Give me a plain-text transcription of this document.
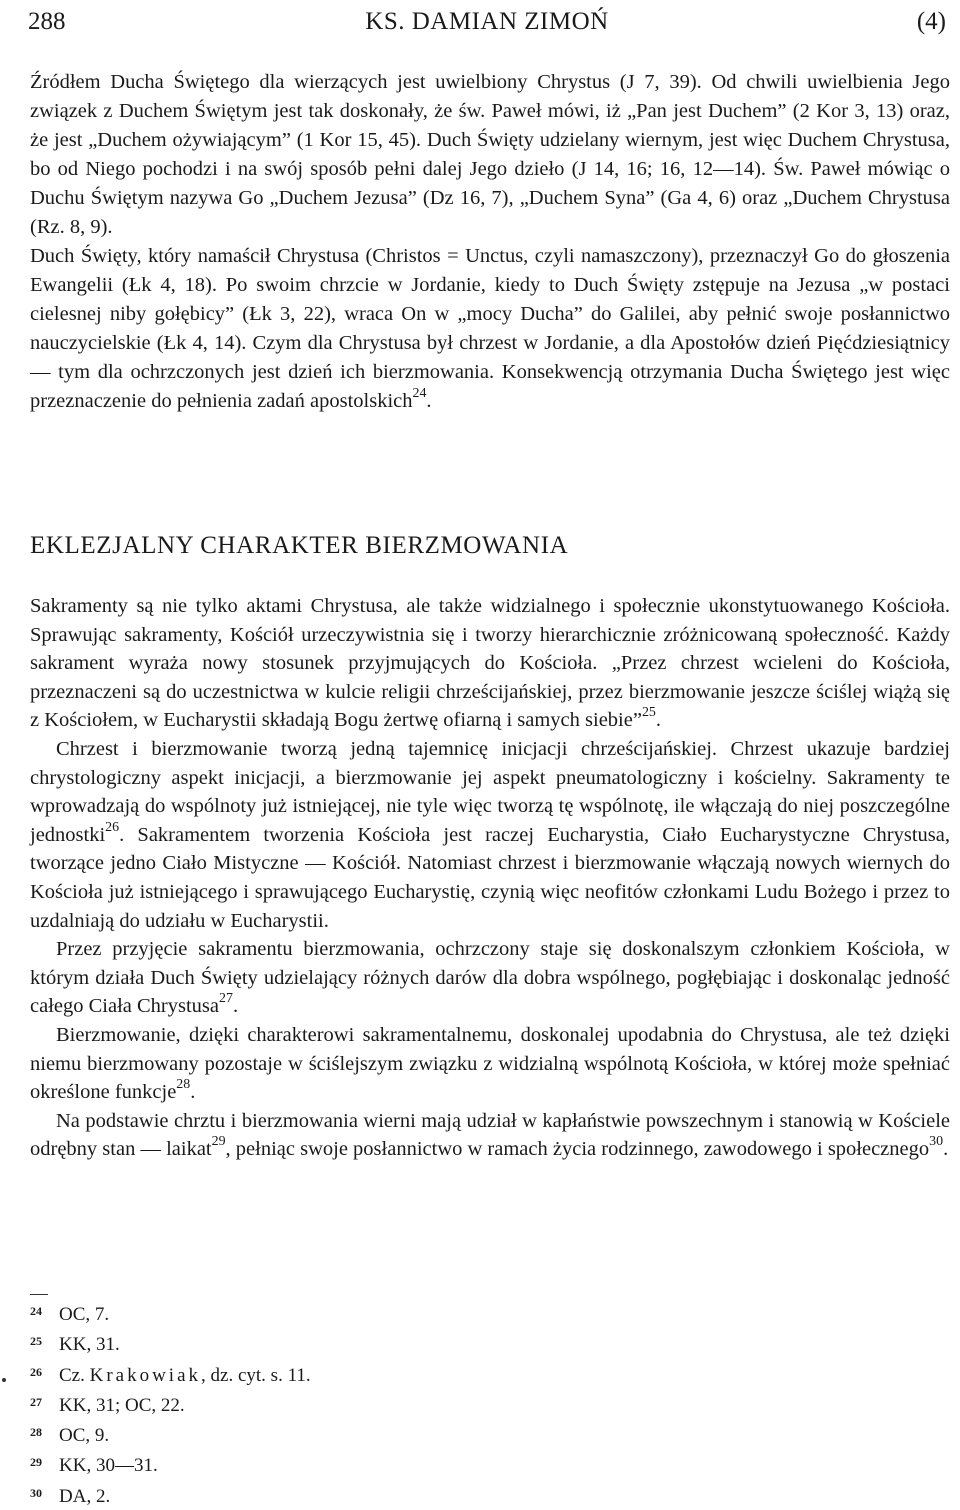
288	KS. DAMIAN ZIMOŃ	(4)

Źródłem Ducha Świętego dla wierzących jest uwielbiony Chrystus (J 7, 39). Od chwili uwielbienia Jego związek z Duchem Świętym jest tak doskonały, że św. Paweł mówi, iż „Pan jest Duchem” (2 Kor 3, 13) oraz, że jest „Duchem ożywiającym” (1 Kor 15, 45). Duch Święty udzielany wiernym, jest więc Duchem Chrystusa, bo od Niego pochodzi i na swój sposób pełni dalej Jego dzieło (J 14, 16; 16, 12—14). Św. Paweł mówiąc o Duchu Świętym nazywa Go „Duchem Jezusa” (Dz 16, 7), „Duchem Syna” (Ga 4, 6) oraz „Duchem Chrystusa (Rz. 8, 9).

Duch Święty, który namaścił Chrystusa (Christos = Unctus, czyli namaszczony), przeznaczył Go do głoszenia Ewangelii (Łk 4, 18). Po swoim chrzcie w Jordanie, kiedy to Duch Święty zstępuje na Jezusa „w postaci cielesnej niby gołębicy” (Łk 3, 22), wraca On w „mocy Ducha” do Galilei, aby pełnić swoje posłannictwo nauczycielskie (Łk 4, 14). Czym dla Chrystusa był chrzest w Jordanie, a dla Apostołów dzień Pięćdziesiątnicy — tym dla ochrzczonych jest dzień ich bierzmowania. Konsekwencją otrzymania Ducha Świętego jest więc przeznaczenie do pełnienia zadań apostolskich$^{24}$.

EKLEZJALNY CHARAKTER BIERZMOWANIA

Sakramenty są nie tylko aktami Chrystusa, ale także widzialnego i społecznie ukonstytuowanego Kościoła. Sprawując sakramenty, Kościół urzeczywistnia się i tworzy hierarchicznie zróżnicowaną społeczność. Każdy sakrament wyraża nowy stosunek przyjmujących do Kościoła. „Przez chrzest wcieleni do Kościoła, przeznaczeni są do uczestnictwa w kulcie religii chrześcijańskiej, przez bierzmowanie jeszcze ściślej wiążą się z Kościołem, w Eucharystii składają Bogu żertwę ofiarną i samych siebie”$^{25}$.

Chrzest i bierzmowanie tworzą jedną tajemnicę inicjacji chrześcijańskiej. Chrzest ukazuje bardziej chrystologiczny aspekt inicjacji, a bierzmowanie jej aspekt pneumatologiczny i kościelny. Sakramenty te wprowadzają do wspólnoty już istniejącej, nie tyle więc tworzą tę wspólnotę, ile włączają do niej poszczególne jednostki$^{26}$. Sakramentem tworzenia Kościoła jest raczej Eucharystia, Ciało Eucharystyczne Chrystusa, tworzące jedno Ciało Mistyczne — Kościół. Natomiast chrzest i bierzmowanie włączają nowych wiernych do Kościoła już istniejącego i sprawującego Eucharystię, czynią więc neofitów członkami Ludu Bożego i przez to uzdalniają do udziału w Eucharystii.

Przez przyjęcie sakramentu bierzmowania, ochrzczony staje się doskonalszym członkiem Kościoła, w którym działa Duch Święty udzielający różnych darów dla dobra wspólnego, pogłębiając i doskonaląc jedność całego Ciała Chrystusa$^{27}$.

Bierzmowanie, dzięki charakterowi sakramentalnemu, doskonalej upodabnia do Chrystusa, ale też dzięki niemu bierzmowany pozostaje w ściślejszym związku z widzialną wspólnotą Kościoła, w której może spełniać określone funkcje$^{28}$.

Na podstawie chrztu i bierzmowania wierni mają udział w kapłaństwie powszechnym i stanowią w Kościele odrębny stan — laikat$^{29}$, pełniąc swoje posłannictwo w ramach życia rodzinnego, zawodowego i społecznego$^{30}$.

24 OC, 7.
25 KK, 31.
26 Cz. Krakowiak, dz. cyt. s. 11.
27 KK, 31; OC, 22.
28 OC, 9.
29 KK, 30—31.
30 DA, 2.
